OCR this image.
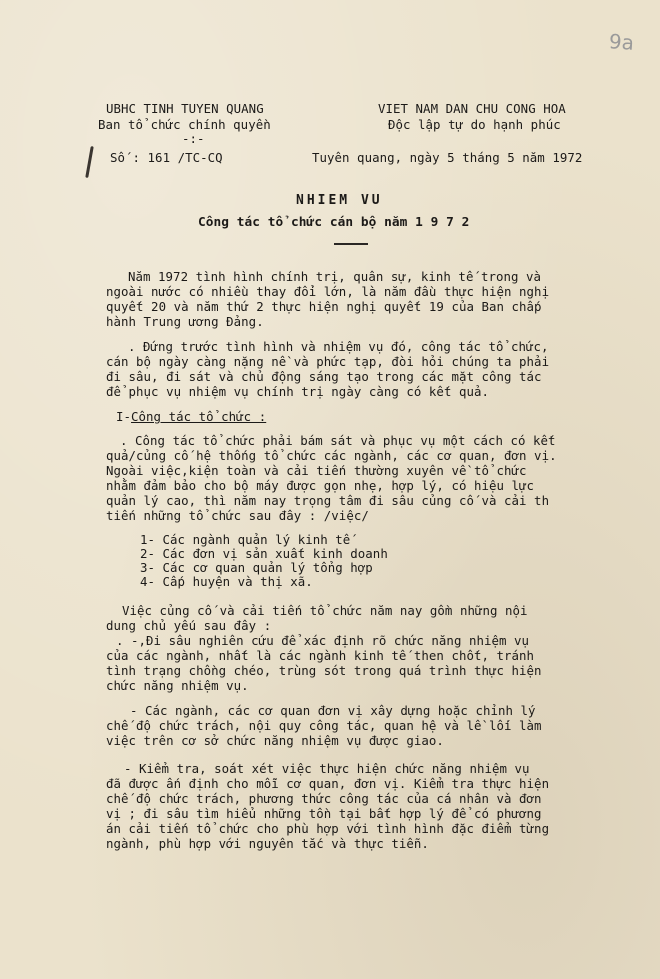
9a
UBHC TINH TUYEN QUANG
Ban tổ chức chính quyền
-:-
VIET NAM DAN CHU CONG HOA
Độc lập tự do hạnh phúc
Số : 161 /TC-CQ	Tuyên quang, ngày 5 tháng 5 năm 1972
NHIEM VU
Công tác tổ chức cán bộ năm 1 9 7 2
Năm 1972 tình hình chính trị, quân sự, kinh tế trong và
ngoài nước có nhiều thay đổi lớn, là năm đầu thực hiện nghị
quyết 20 và năm thứ 2 thực hiện nghị quyết 19 của Ban chấp
hành Trung ương Đảng.
. Đứng trước tình hình và nhiệm vụ đó, công tác tổ chức,
cán bộ ngày càng nặng nề và phức tạp, đòi hỏi chúng ta phải
đi sâu, đi sát và chủ động sáng tạo trong các mặt công tác
để phục vụ nhiệm vụ chính trị ngày càng có kết quả.
I-Công tác tổ chức :
. Công tác tổ chức phải bám sát và phục vụ một cách có kết
quả/củng cố hệ thống tổ chức các ngành, các cơ quan, đơn vị.
Ngoài việc,kiện toàn và cải tiến thường xuyên về tổ chức
nhằm đảm bảo cho bộ máy được gọn nhẹ, hợp lý, có hiệu lực
quản lý cao, thì năm nay trọng tâm đi sâu củng cố và cải th
tiến những tổ chức sau đây : /việc/
1- Các ngành quản lý kinh tế
2- Các đơn vị sản xuất kinh doanh
3- Các cơ quan quản lý tổng hợp
4- Cấp huyện và thị xã.
Việc củng cố và cải tiến tổ chức năm nay gồm những nội
dung chủ yếu sau đây :
. -,Đi sâu nghiên cứu để xác định rõ chức năng nhiệm vụ
của các ngành, nhất là các ngành kinh tế then chốt, tránh
tình trạng chồng chéo, trùng sót trong quá trình thực hiện
chức năng nhiệm vụ.
- Các ngành, các cơ quan đơn vị xây dựng hoặc chỉnh lý
chế độ chức trách, nội quy công tác, quan hệ và lề lối làm
việc trên cơ sở chức năng nhiệm vụ được giao.
- Kiểm tra, soát xét việc thực hiện chức năng nhiệm vụ
đã được ấn định cho mỗi cơ quan, đơn vị. Kiểm tra thực hiện
chế độ chức trách, phương thức công tác của cá nhân và đơn
vị ; đi sâu tìm hiểu những tồn tại bất hợp lý để có phương
án cải tiến tổ chức cho phù hợp với tình hình đặc điểm từng
ngành, phù hợp với nguyên tắc và thực tiễn.
